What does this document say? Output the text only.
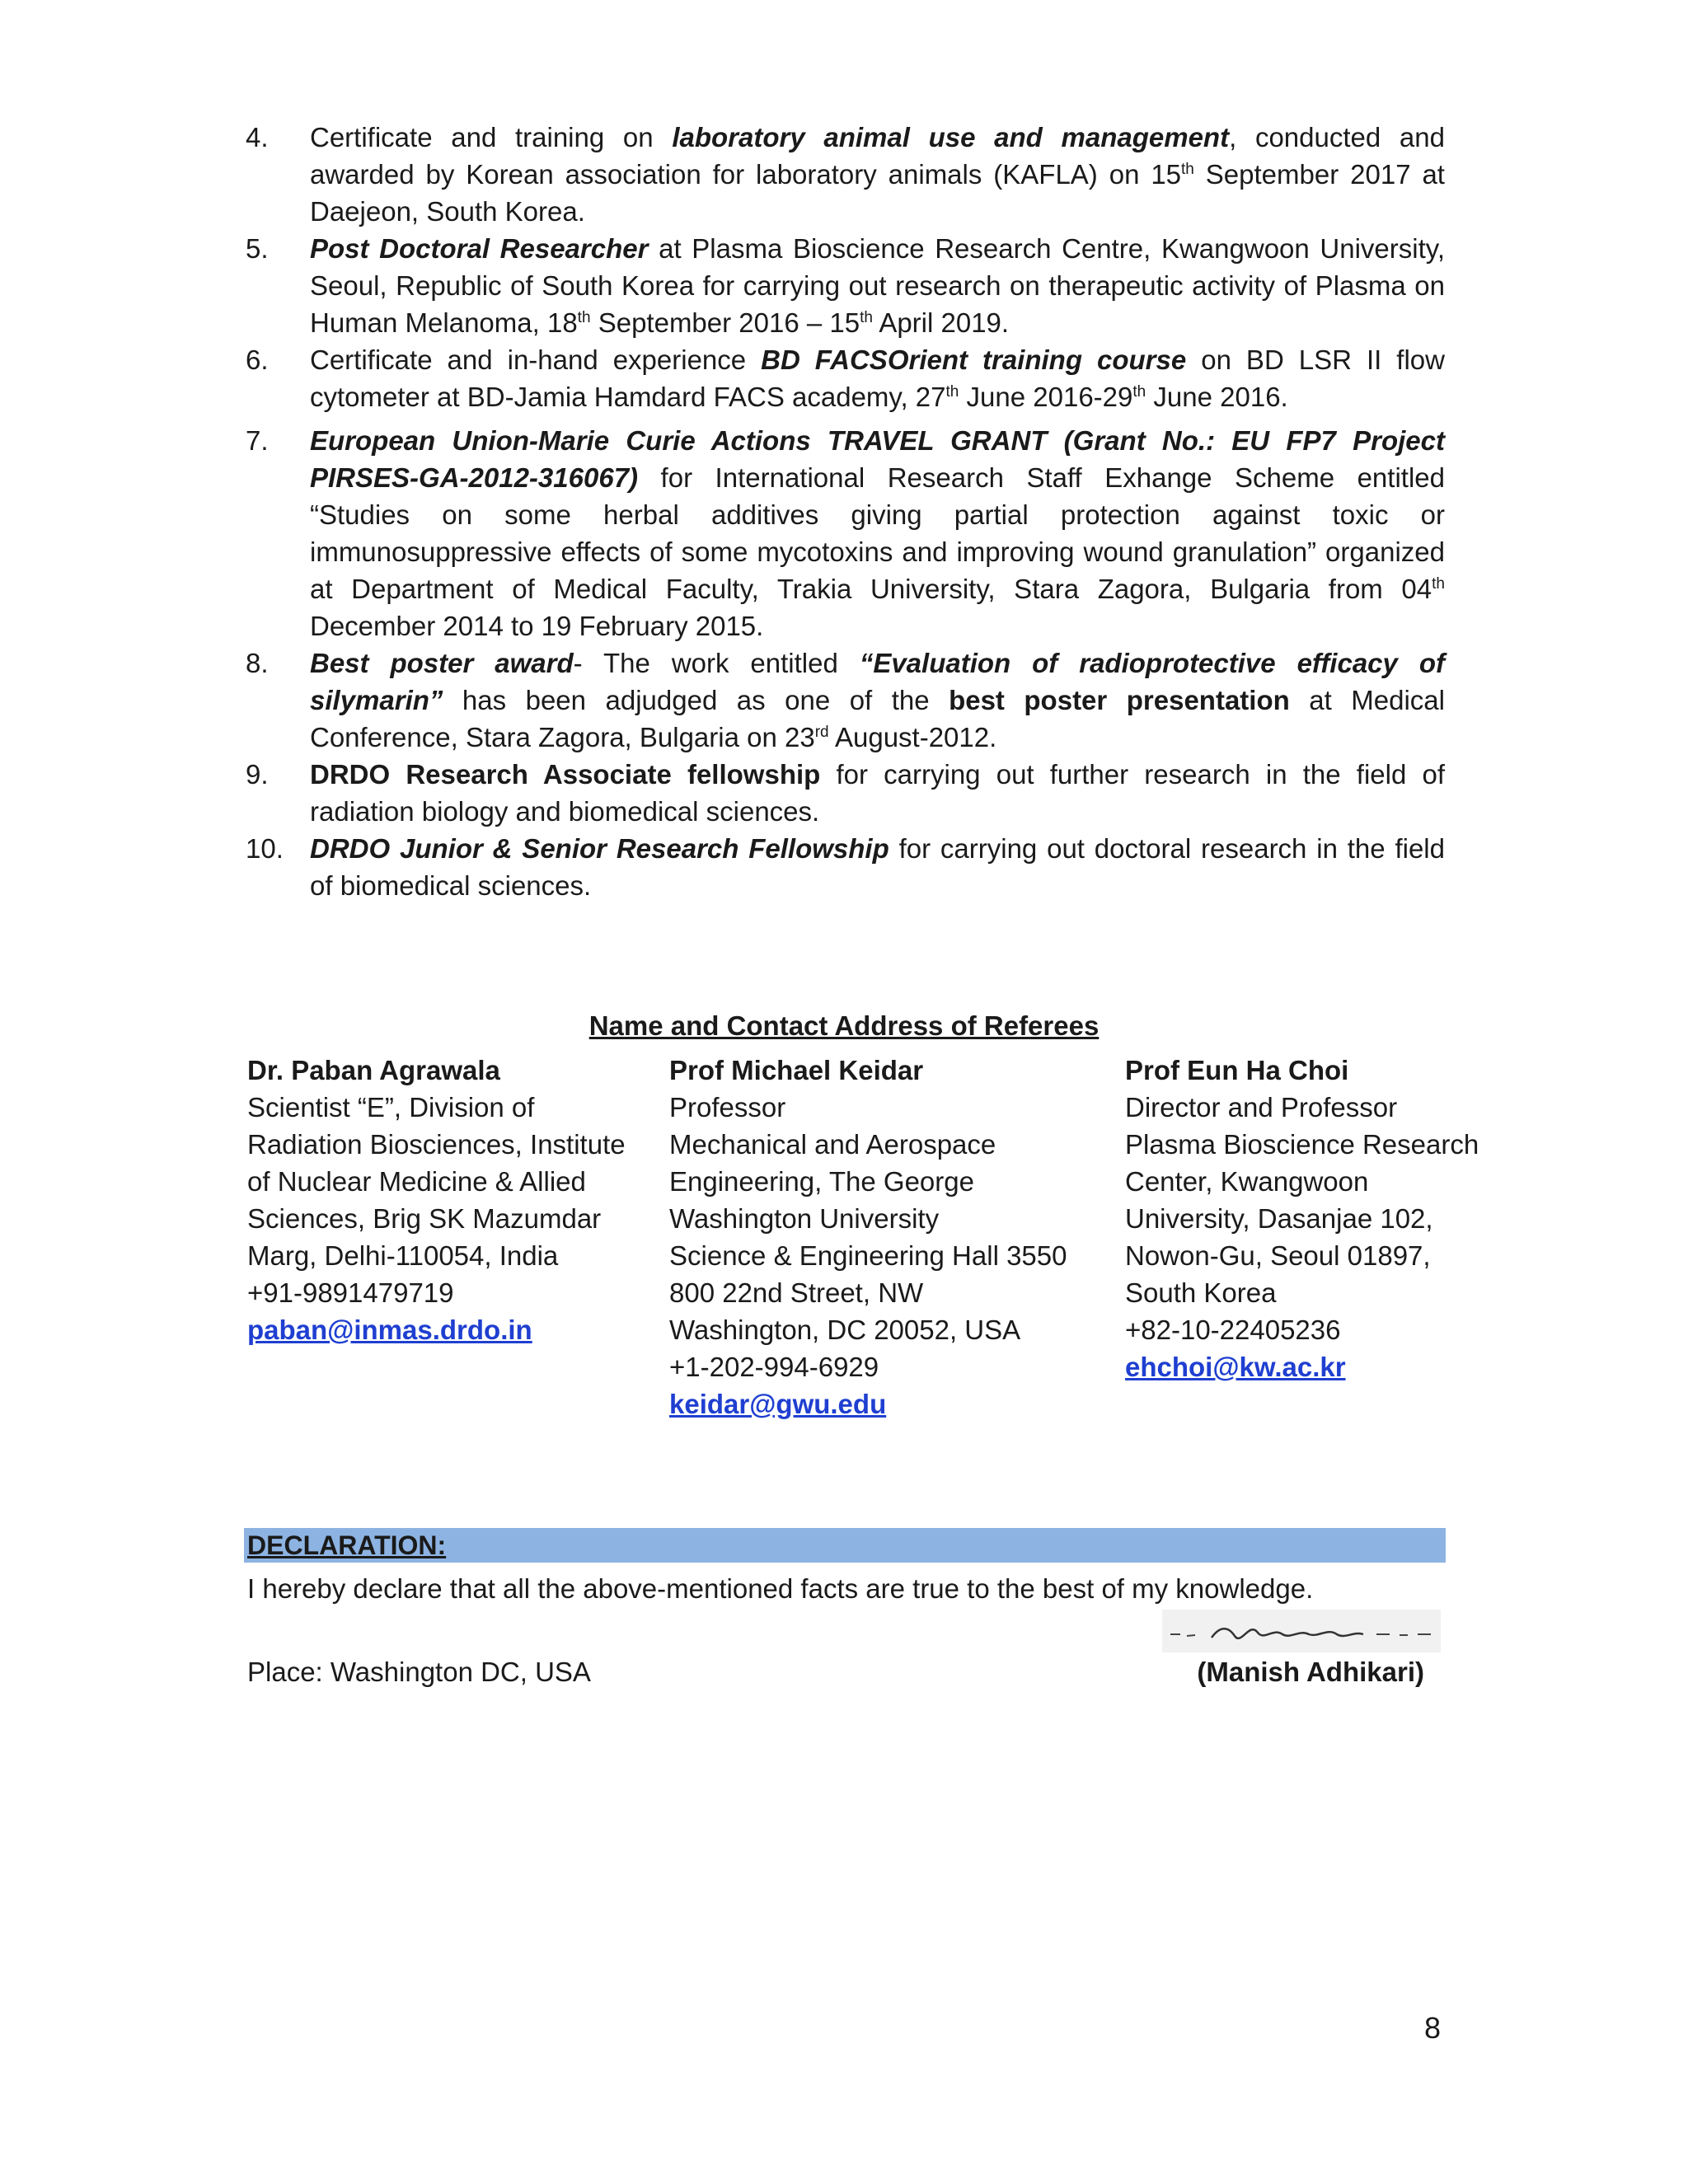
4. Certificate and training on laboratory animal use and management, conducted and awarded by Korean association for laboratory animals (KAFLA) on 15th September 2017 at Daejeon, South Korea.
5. Post Doctoral Researcher at Plasma Bioscience Research Centre, Kwangwoon University, Seoul, Republic of South Korea for carrying out research on therapeutic activity of Plasma on Human Melanoma, 18th September 2016 – 15th April 2019.
6. Certificate and in-hand experience BD FACSOrient training course on BD LSR II flow cytometer at BD-Jamia Hamdard FACS academy, 27th June 2016-29th June 2016.
7. European Union-Marie Curie Actions TRAVEL GRANT (Grant No.: EU FP7 Project PIRSES-GA-2012-316067) for International Research Staff Exhange Scheme entitled “Studies on some herbal additives giving partial protection against toxic or immunosuppressive effects of some mycotoxins and improving wound granulation” organized at Department of Medical Faculty, Trakia University, Stara Zagora, Bulgaria from 04th December 2014 to 19 February 2015.
8. Best poster award- The work entitled “Evaluation of radioprotective efficacy of silymarin” has been adjudged as one of the best poster presentation at Medical Conference, Stara Zagora, Bulgaria on 23rd August-2012.
9. DRDO Research Associate fellowship for carrying out further research in the field of radiation biology and biomedical sciences.
10. DRDO Junior & Senior Research Fellowship for carrying out doctoral research in the field of biomedical sciences.
Name and Contact Address of Referees
Dr. Paban Agrawala
Scientist “E”, Division of
Radiation Biosciences, Institute
of Nuclear Medicine & Allied
Sciences, Brig SK Mazumdar
Marg, Delhi-110054, India
+91-9891479719
paban@inmas.drdo.in
Prof Michael Keidar
Professor
Mechanical and Aerospace
Engineering, The George
Washington University
Science & Engineering Hall 3550
800 22nd Street, NW
Washington, DC 20052, USA
+1-202-994-6929
keidar@gwu.edu
Prof Eun Ha Choi
Director and Professor
Plasma Bioscience Research
Center, Kwangwoon
University, Dasanjae 102,
Nowon-Gu, Seoul 01897,
South Korea
+82-10-22405236
ehchoi@kw.ac.kr
DECLARATION:
I hereby declare that all the above-mentioned facts are true to the best of my knowledge.
Place: Washington DC, USA	(Manish Adhikari)
8
